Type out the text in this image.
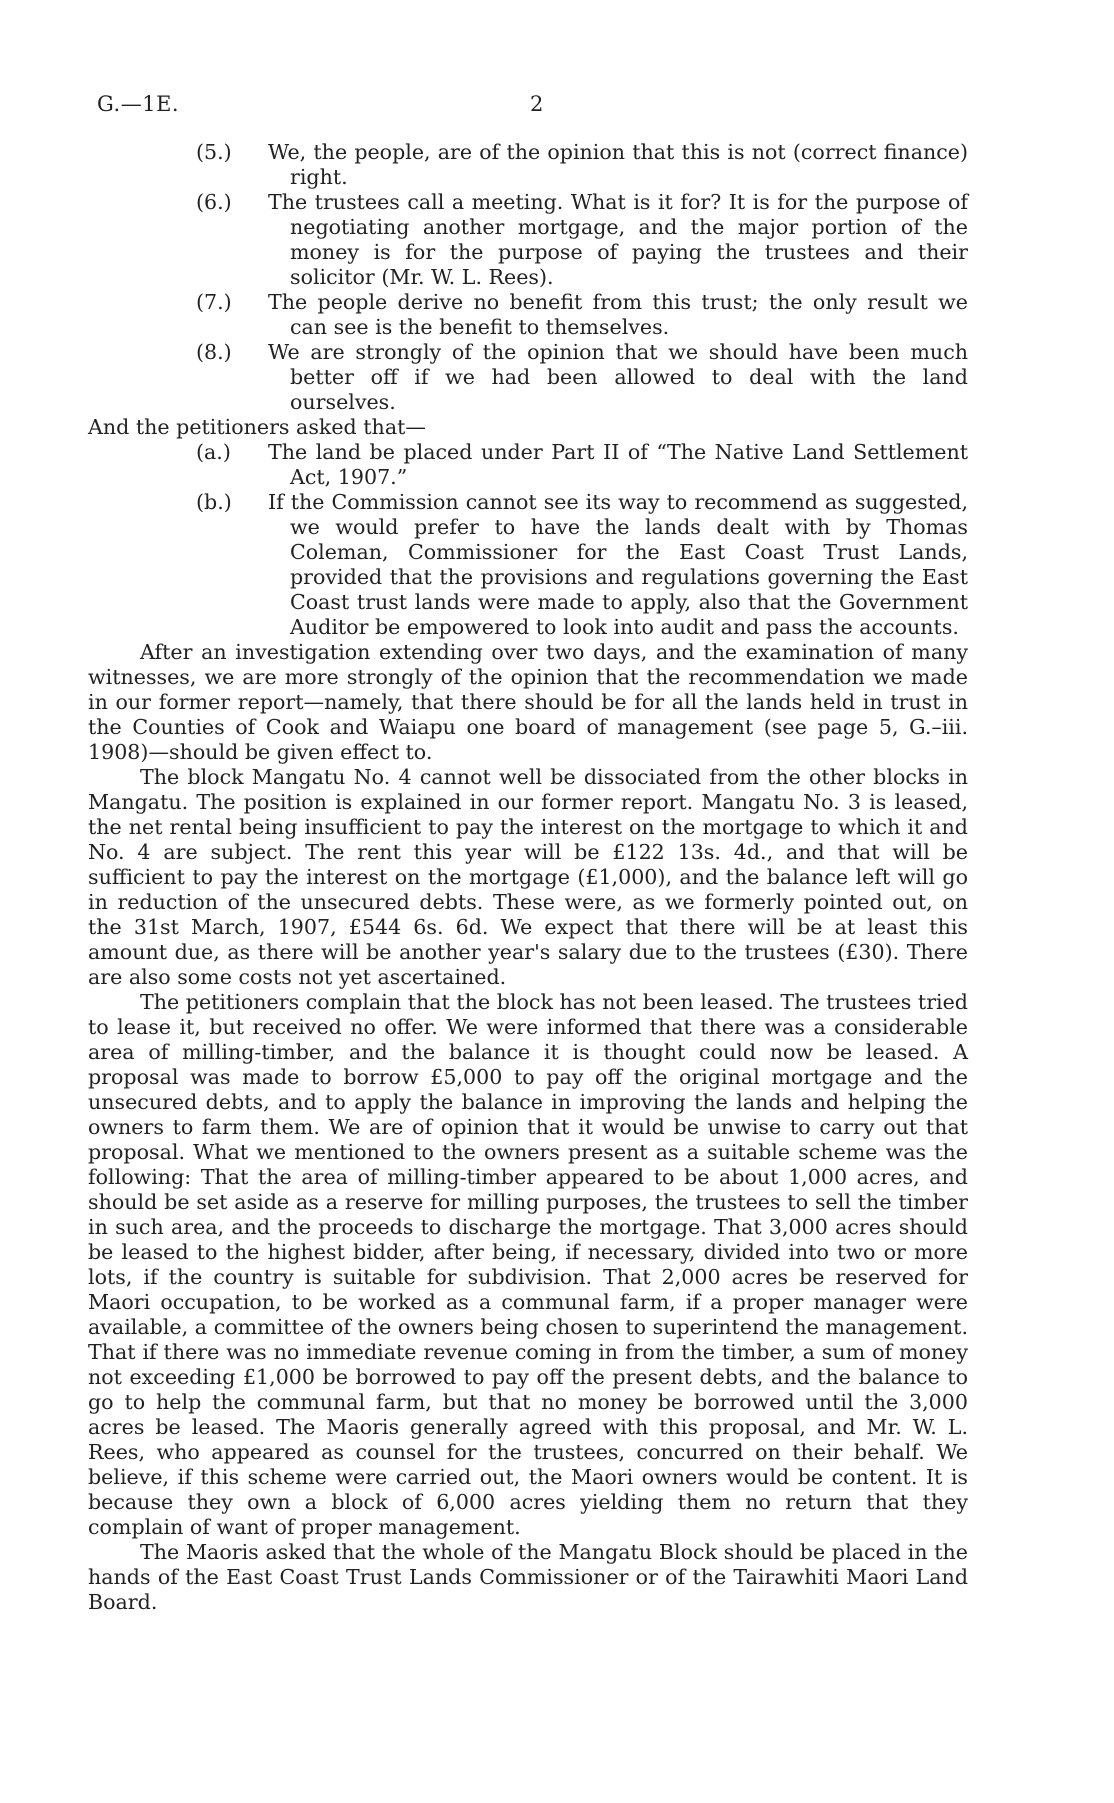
G.—1E.	2
(5.) We, the people, are of the opinion that this is not (correct finance) right.
(6.) The trustees call a meeting. What is it for? It is for the purpose of negotiating another mortgage, and the major portion of the money is for the purpose of paying the trustees and their solicitor (Mr. W. L. Rees).
(7.) The people derive no benefit from this trust; the only result we can see is the benefit to themselves.
(8.) We are strongly of the opinion that we should have been much better off if we had been allowed to deal with the land ourselves.

And the petitioners asked that—

(a.) The land be placed under Part II of “The Native Land Settlement Act, 1907.”
(b.) If the Commission cannot see its way to recommend as suggested, we would prefer to have the lands dealt with by Thomas Coleman, Commissioner for the East Coast Trust Lands, provided that the provisions and regulations governing the East Coast trust lands were made to apply, also that the Government Auditor be empowered to look into audit and pass the accounts.

After an investigation extending over two days, and the examination of many witnesses, we are more strongly of the opinion that the recommendation we made in our former report—namely, that there should be for all the lands held in trust in the Counties of Cook and Waiapu one board of management (see page 5, G.–iii. 1908)—should be given effect to.

The block Mangatu No. 4 cannot well be dissociated from the other blocks in Mangatu. The position is explained in our former report. Mangatu No. 3 is leased, the net rental being insufficient to pay the interest on the mortgage to which it and No. 4 are subject. The rent this year will be £122 13s. 4d., and that will be sufficient to pay the interest on the mortgage (£1,000), and the balance left will go in reduction of the unsecured debts. These were, as we formerly pointed out, on the 31st March, 1907, £544 6s. 6d. We expect that there will be at least this amount due, as there will be another year's salary due to the trustees (£30). There are also some costs not yet ascertained.

The petitioners complain that the block has not been leased. The trustees tried to lease it, but received no offer. We were informed that there was a considerable area of milling-timber, and the balance it is thought could now be leased. A proposal was made to borrow £5,000 to pay off the original mortgage and the unsecured debts, and to apply the balance in improving the lands and helping the owners to farm them. We are of opinion that it would be unwise to carry out that proposal. What we mentioned to the owners present as a suitable scheme was the following: That the area of milling-timber appeared to be about 1,000 acres, and should be set aside as a reserve for milling purposes, the trustees to sell the timber in such area, and the proceeds to discharge the mortgage. That 3,000 acres should be leased to the highest bidder, after being, if necessary, divided into two or more lots, if the country is suitable for subdivision. That 2,000 acres be reserved for Maori occupation, to be worked as a communal farm, if a proper manager were available, a committee of the owners being chosen to superintend the management. That if there was no immediate revenue coming in from the timber, a sum of money not exceeding £1,000 be borrowed to pay off the present debts, and the balance to go to help the communal farm, but that no money be borrowed until the 3,000 acres be leased. The Maoris generally agreed with this proposal, and Mr. W. L. Rees, who appeared as counsel for the trustees, concurred on their behalf. We believe, if this scheme were carried out, the Maori owners would be content. It is because they own a block of 6,000 acres yielding them no return that they complain of want of proper management.

The Maoris asked that the whole of the Mangatu Block should be placed in the hands of the East Coast Trust Lands Commissioner or of the Tairawhiti Maori Land Board.
